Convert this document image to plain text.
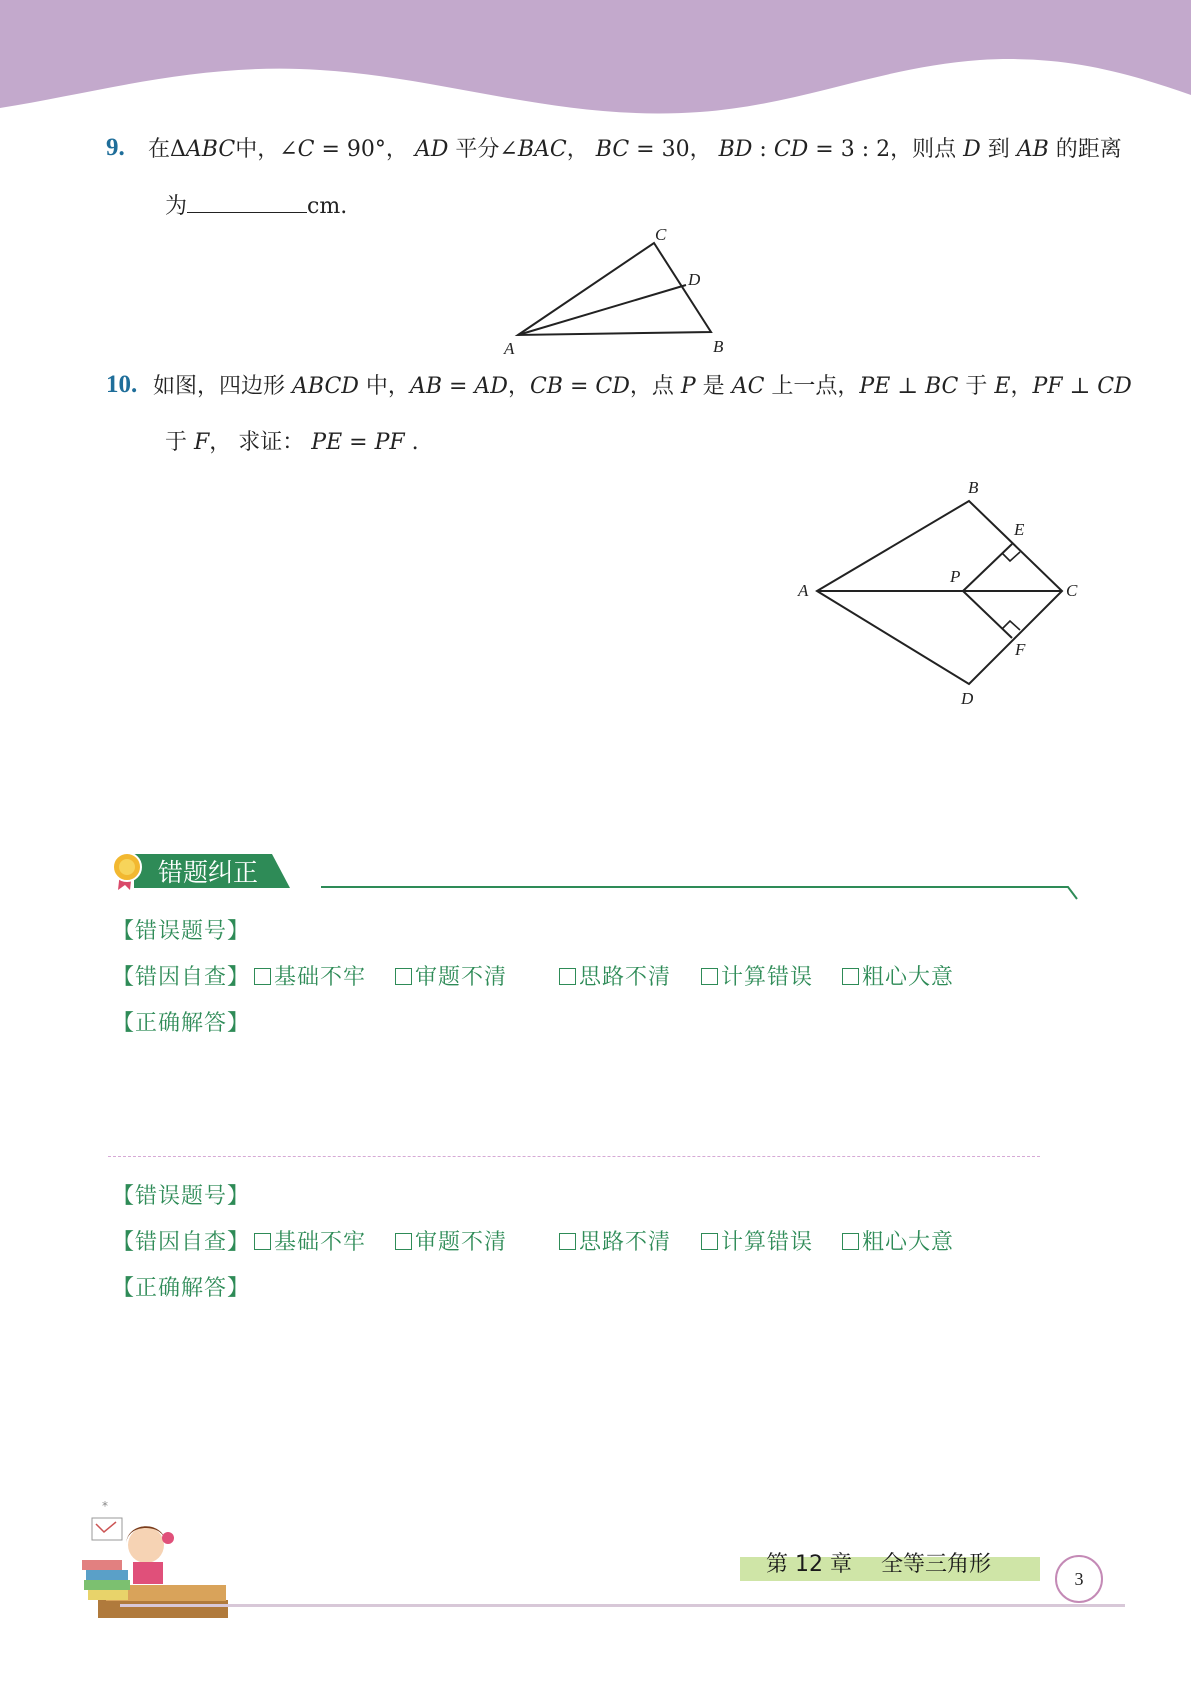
9. 在ΔABC中，∠C = 90°， AD 平分∠BAC， BC = 30， BD : CD = 3 : 2，则点 D 到 AB 的距离
为	cm.
C
D
A	B
10. 如图，四边形 ABCD 中，AB = AD，CB = CD，点 P 是 AC 上一点，PE ⊥ BC 于 E，PF ⊥ CD
于 F， 求证： PE = PF .
B
E
P
A	C
F
D
错题纠正
【错误题号】
【错因自查】	基础不牢	审题不清	思路不清	计算错误	粗心大意
【正确解答】
【错误题号】
【错因自查】	基础不牢	审题不清	思路不清	计算错误	粗心大意
【正确解答】
*
第 12 章　 全等三角形
3
